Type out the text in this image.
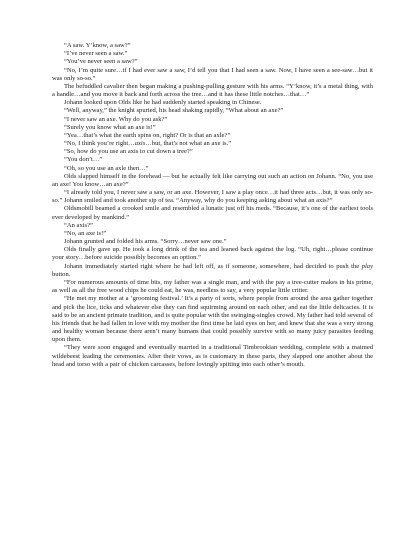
“A saw. Y’know, a saw?”

“I’ve never seen a saw.”

“You’ve never seen a saw?”

“No, I’m quite sure…if I had ever saw a saw, I’d tell you that I had seen a saw. Now, I have seen a see-saw…but it was only so-so.”

The befuddled cavalier then began making a pushing-pulling gesture with his arms. “Y’know, it’s a metal thing, with a handle…and you move it back and forth across the tree…and it has these little notches…that…”

Johann looked upon Olds like he had suddenly started speaking in Chinese.

“Well, anyway,” the knight spurted, his head shaking rapidly, “What about an axe?”

“I never saw an axe. Why do you ask?”

“Surely you know what an axe is!”

“Yea…that’s what the earth spins on, right? Or is that an axle?”

“No, I think you’re right…axis…but, that’s not what an axe is.”

“So, how do you use an axis to cut down a tree?”

“You don’t…”

“Oh, so you use an axle then…”

Olds slapped himself in the forehead — but he actually felt like carrying out such an action on Johann. “No, you use an axe! You know…an axe?”

“I already told you, I never saw a saw, or an axe. However, I saw a play once…it had three acts…but, it was only so-so.” Johann smiled and took another sip of tea. “Anyway, why do you keeping asking about what an axis?”

Oldsmobill beamed a crooked smile and resembled a lunatic just off his meds. “Because, it’s one of the earliest tools ever developed by mankind.”

“An axis?”

“No, an axe is!”

Johann grunted and folded his arms. “Sorry…never saw one.”

Olds finally gave up. He took a long drink of the tea and leaned back against the log. “Uh, right…please continue your story…before suicide possibly becomes an option.”

Johann immediately started right where he had left off, as if someone, somewhere, had decided to push the play button.

“For numerous amounts of time bits, my father was a single man, and with the pay a tree-cutter makes in his prime, as well as all the free wood chips he could eat, he was, needless to say, a very popular little critter.

“He met my mother at a ‘grooming festival.’ It’s a party of sorts, where people from around the area gather together and pick the lice, ticks and whatever else they can find squirming around on each other, and eat the little delicacies. It is said to be an ancient primate tradition, and is quite popular with the swinging-singles crowd. My father had told several of his friends that he had fallen in love with my mother the first time he laid eyes on her, and knew that she was a very strong and healthy woman because there aren’t many humans that could possibly survive with so many juicy parasites feeding upon them.

“They were soon engaged and eventually married in a traditional Timbrookian wedding, complete with a maimed wildebeest leading the ceremonies. After their vows, as is customary in these parts, they slapped one another about the head and torso with a pair of chicken carcasses, before lovingly spitting into each other’s mouth.
